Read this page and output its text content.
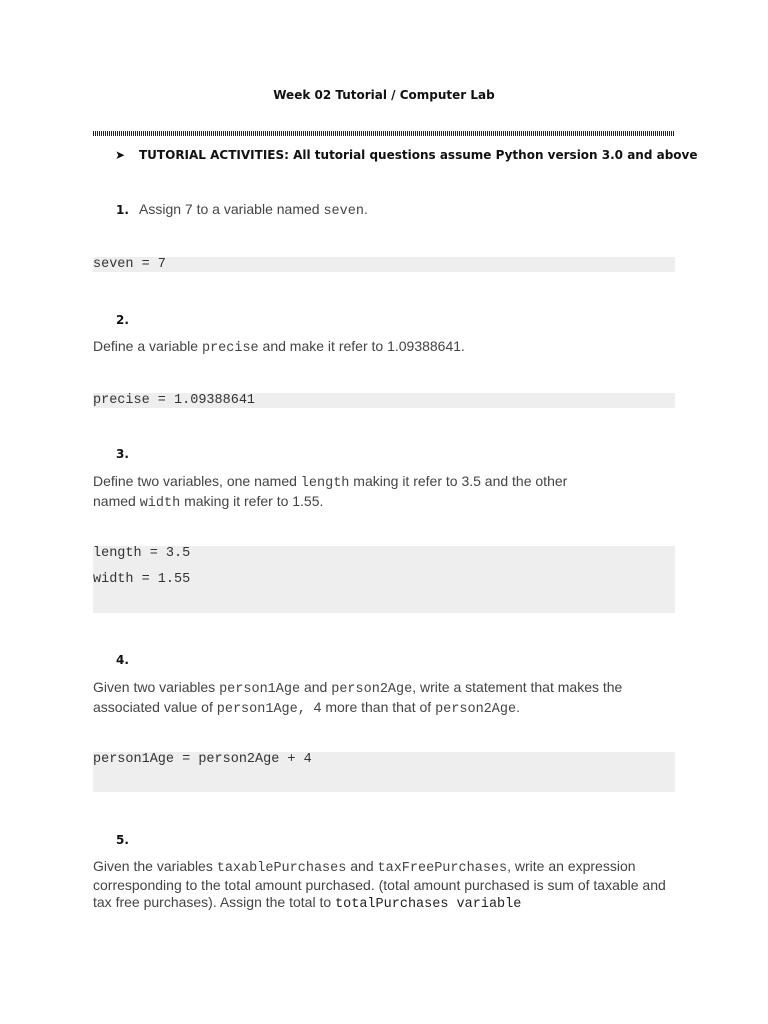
Week 02 Tutorial / Computer Lab
➤ TUTORIAL ACTIVITIES: All tutorial questions assume Python version 3.0 and above
1. Assign 7 to a variable named seven.
seven = 7
2.
Define a variable precise and make it refer to 1.09388641.
precise = 1.09388641
3.
Define two variables, one named length making it refer to 3.5 and the other
named width making it refer to 1.55.
length = 3.5
width = 1.55
4.
Given two variables person1Age and person2Age, write a statement that makes the
associated value of person1Age,  4 more than that of person2Age.
person1Age = person2Age + 4
5.
Given the variables taxablePurchases and taxFreePurchases, write an expression
corresponding to the total amount purchased. (total amount purchased is sum of taxable and
tax free purchases). Assign the total to totalPurchases variable
